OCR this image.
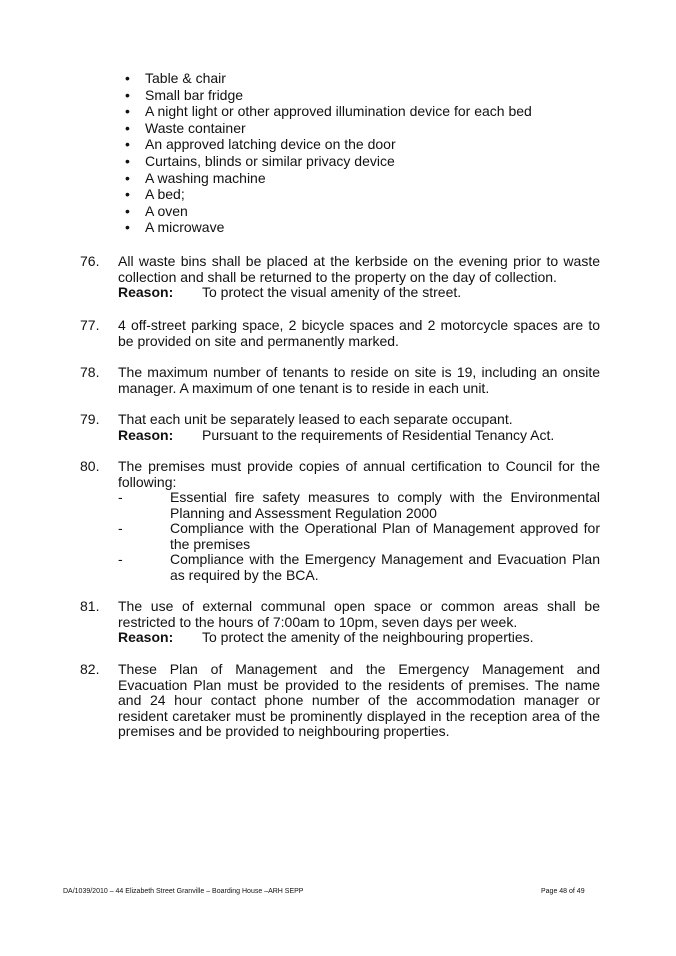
• Table & chair
• Small bar fridge
• A night light or other approved illumination device for each bed
• Waste container
• An approved latching device on the door
• Curtains, blinds or similar privacy device
• A washing machine
• A bed;
• A oven
• A microwave
76.	All waste bins shall be placed at the kerbside on the evening prior to waste collection and shall be returned to the property on the day of collection.
Reason:	To protect the visual amenity of the street.
77.	4 off-street parking space, 2 bicycle spaces and 2 motorcycle spaces are to be provided on site and permanently marked.
78.	The maximum number of tenants to reside on site is 19, including an onsite manager. A maximum of one tenant is to reside in each unit.
79.	That each unit be separately leased to each separate occupant.
Reason:	Pursuant to the requirements of Residential Tenancy Act.
80.	The premises must provide copies of annual certification to Council for the following:
- Essential fire safety measures to comply with the Environmental Planning and Assessment Regulation 2000
- Compliance with the Operational Plan of Management approved for the premises
- Compliance with the Emergency Management and Evacuation Plan as required by the BCA.
81.	The use of external communal open space or common areas shall be restricted to the hours of 7:00am to 10pm, seven days per week.
Reason:	To protect the amenity of the neighbouring properties.
82.	These Plan of Management and the Emergency Management and Evacuation Plan must be provided to the residents of premises. The name and 24 hour contact phone number of the accommodation manager or resident caretaker must be prominently displayed in the reception area of the premises and be provided to neighbouring properties.
DA/1039/2010 – 44 Elizabeth Street Granville – Boarding House –ARH SEPP	Page 48 of 49
